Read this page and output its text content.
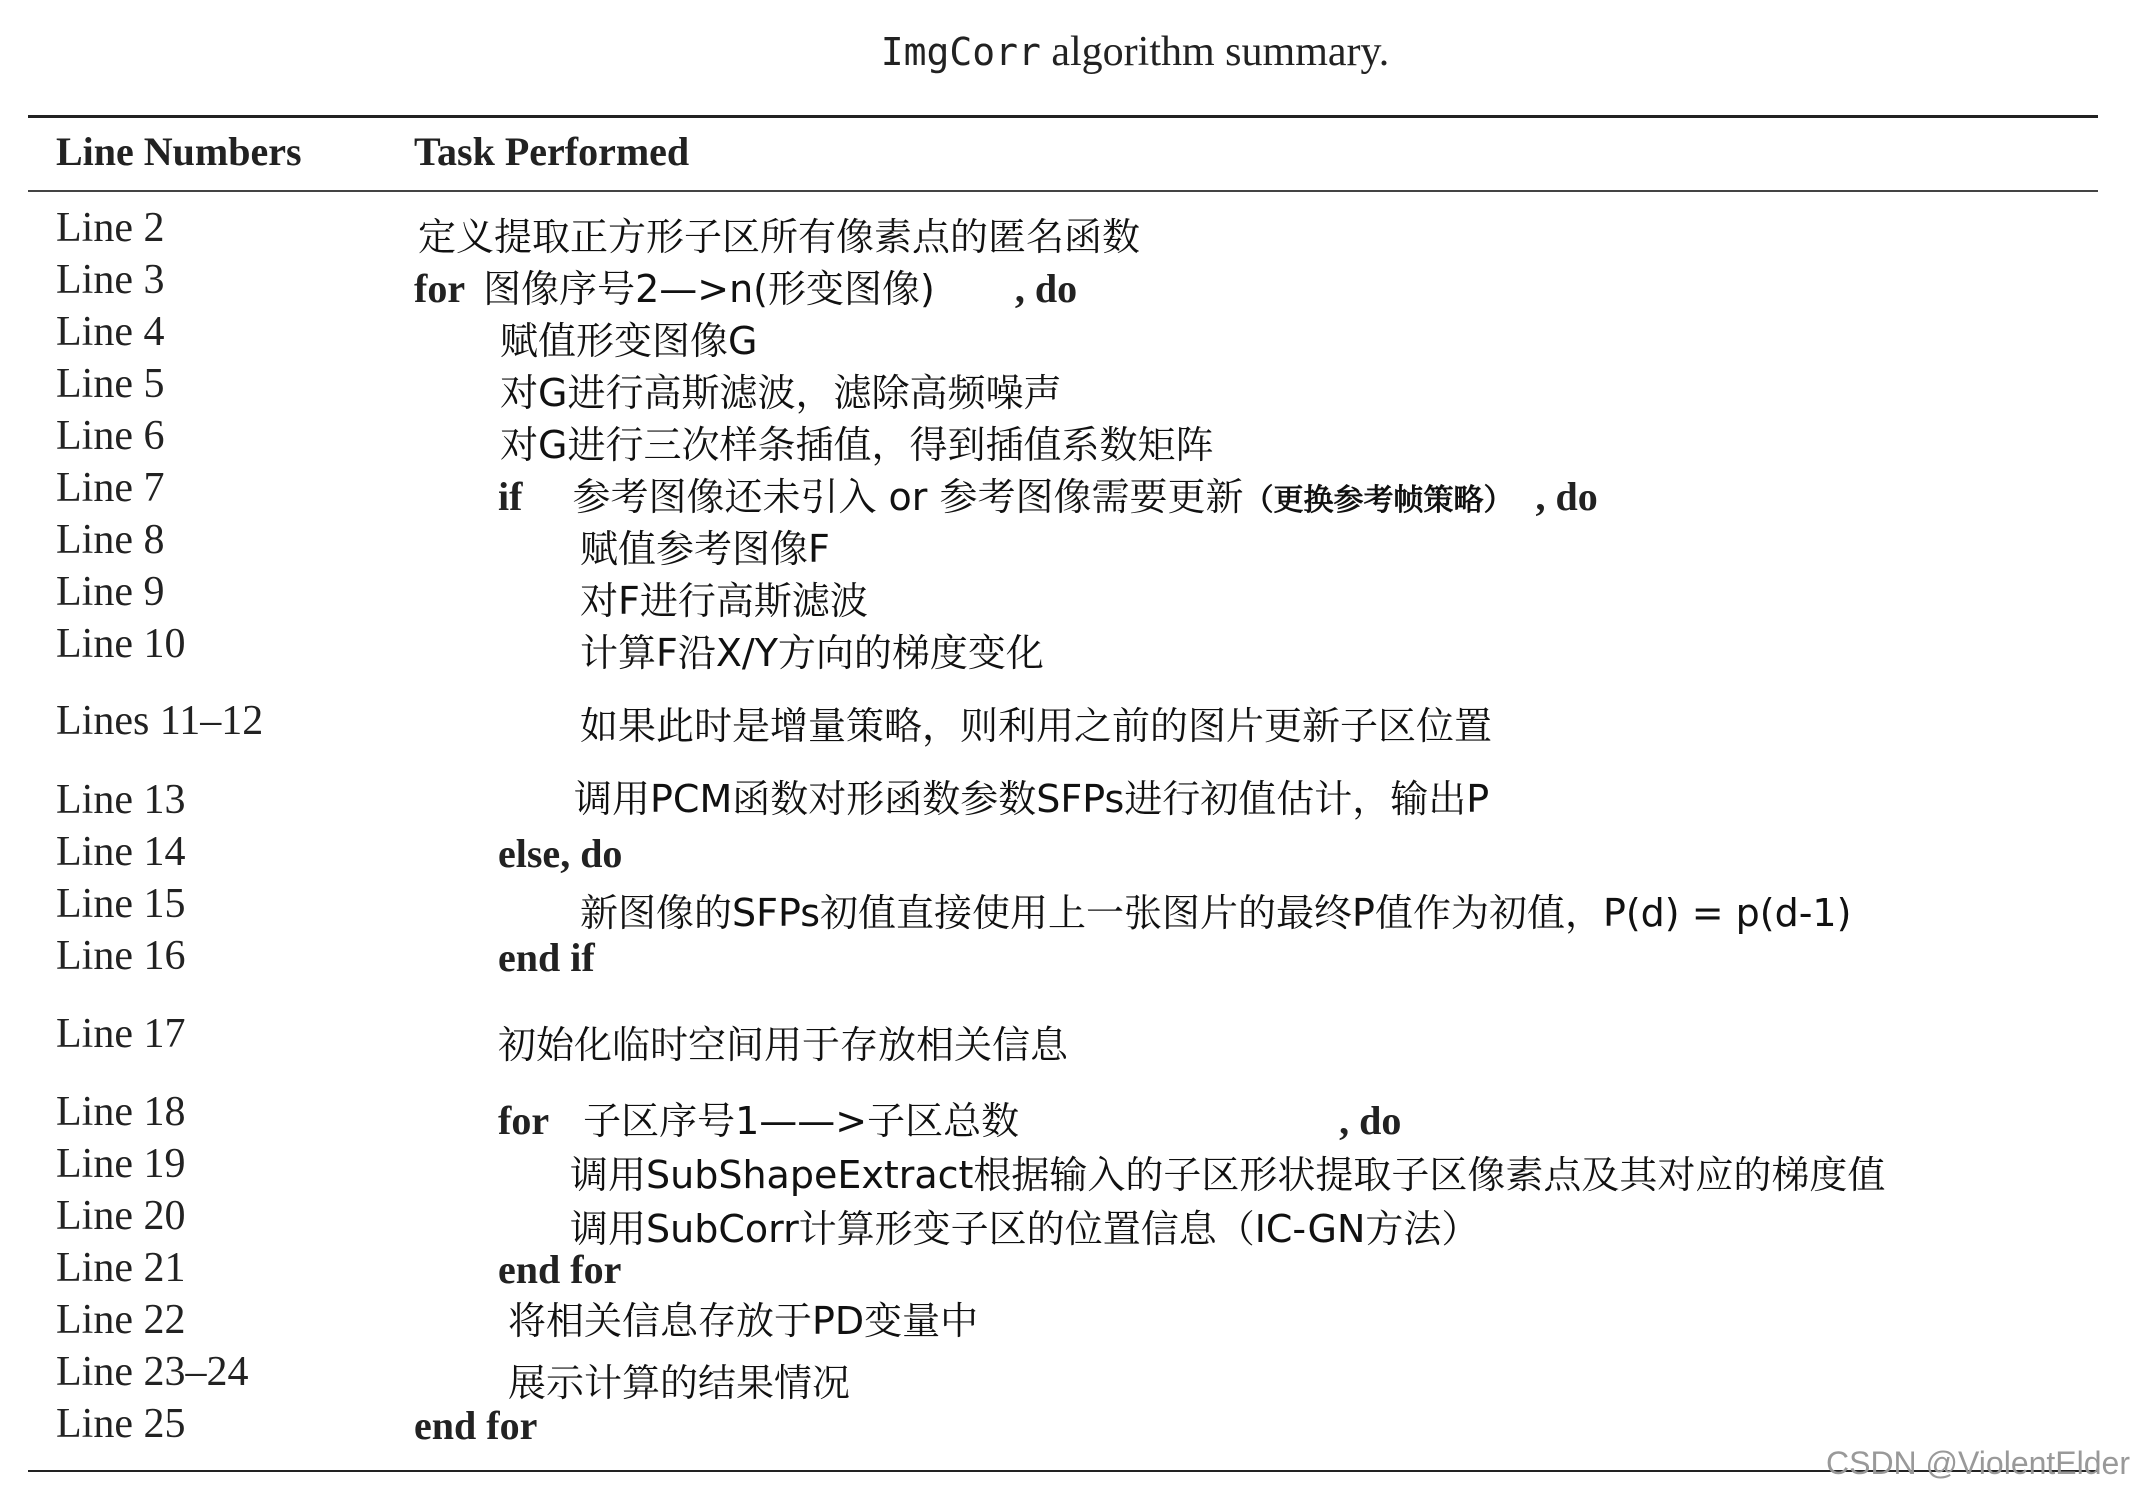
ImgCorr algorithm summary.
Line Numbers	Task Performed
Line 2
Line 3
Line 4
Line 5
Line 6
Line 7
Line 8
Line 9
Line 10
Lines 11–12
Line 13
Line 14
Line 15
Line 16
Line 17
Line 18
Line 19
Line 20
Line 21
Line 22
Line 23–24
Line 25
定义提取正方形子区所有像素点的匿名函数
for 图像序号2—>n(形变图像) , do
赋值形变图像G
对G进行高斯滤波，滤除高频噪声
对G进行三次样条插值，得到插值系数矩阵
if 参考图像还未引入 or 参考图像需要更新（更换参考帧策略） , do
赋值参考图像F
对F进行高斯滤波
计算F沿X/Y方向的梯度变化
如果此时是增量策略，则利用之前的图片更新子区位置
调用PCM函数对形函数参数SFPs进行初值估计，输出P
else, do
新图像的SFPs初值直接使用上一张图片的最终P值作为初值，P(d) = p(d-1)
end if
初始化临时空间用于存放相关信息
for 子区序号1——>子区总数	, do
调用SubShapeExtract根据输入的子区形状提取子区像素点及其对应的梯度值
调用SubCorr计算形变子区的位置信息（IC-GN方法）
end for
将相关信息存放于PD变量中
展示计算的结果情况
end for
CSDN @ViolentElder
